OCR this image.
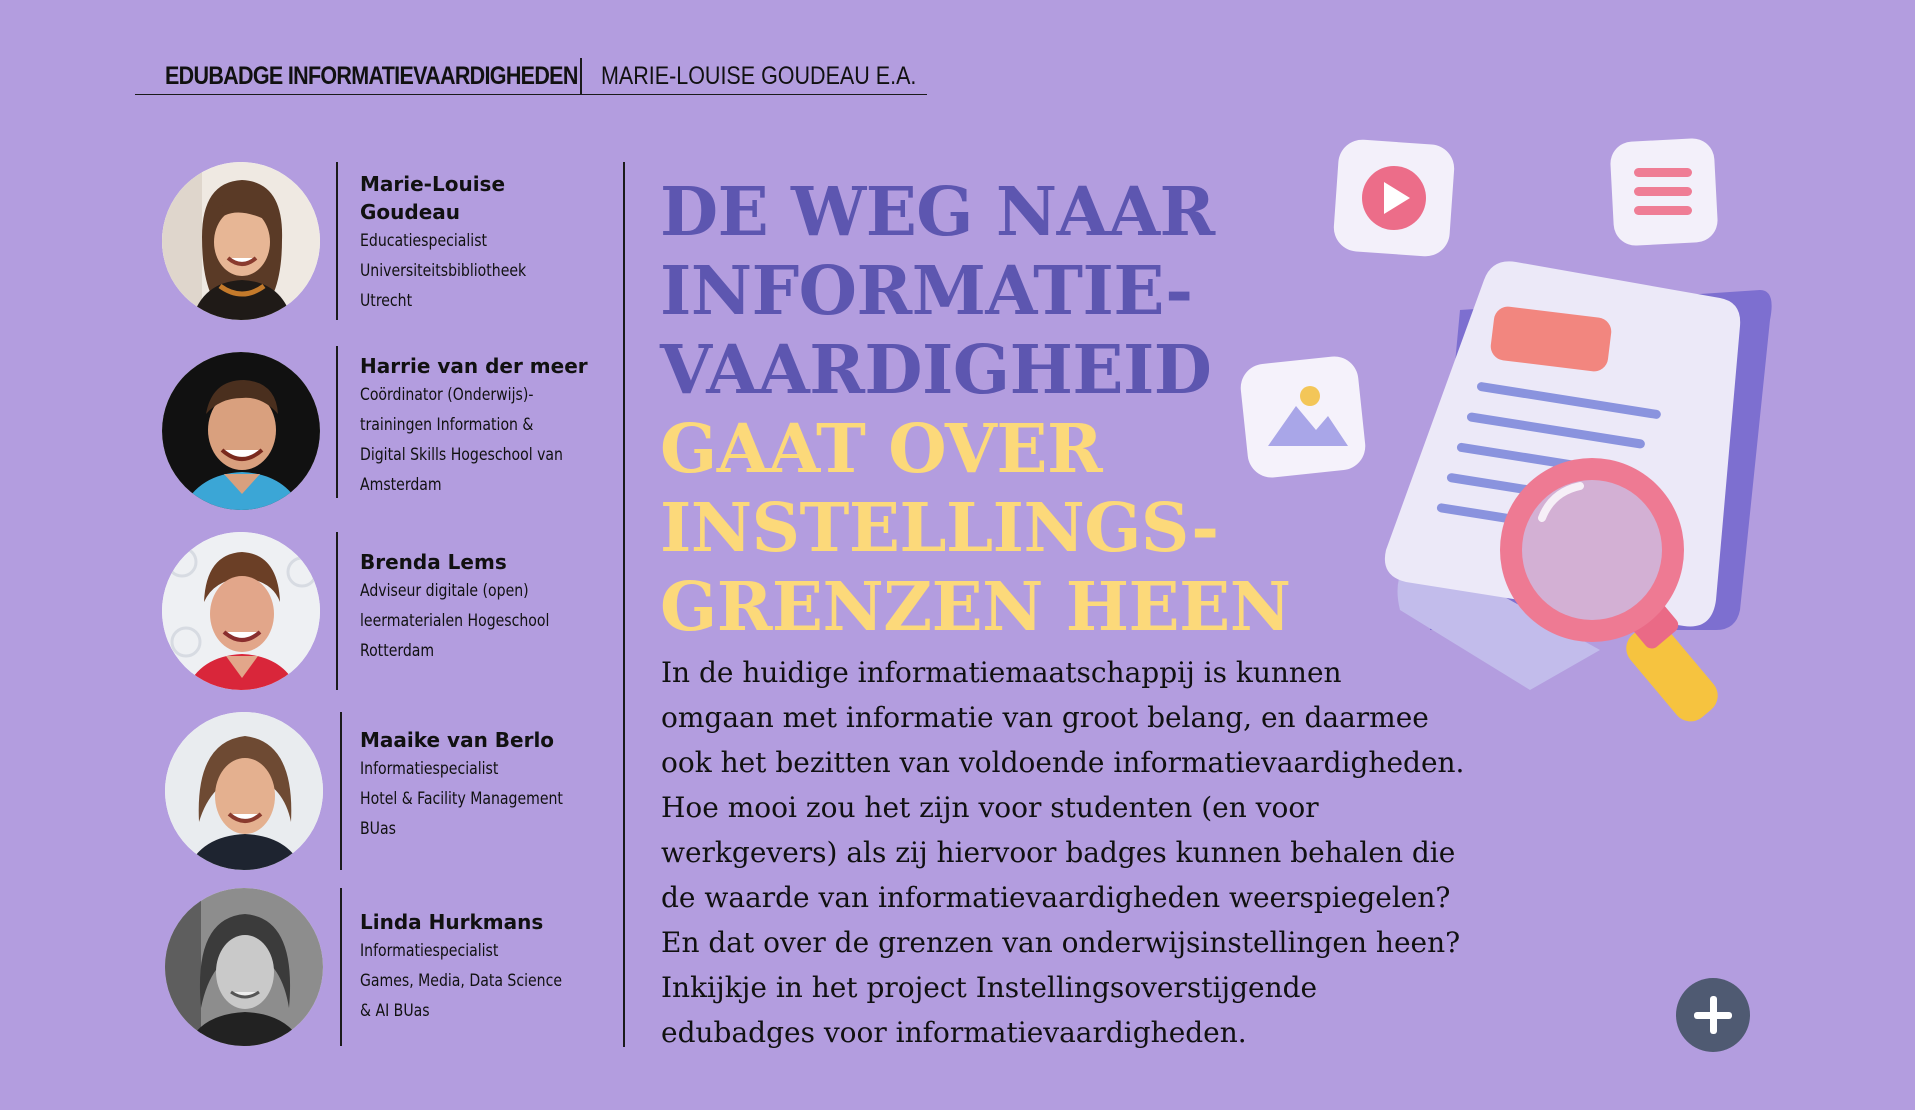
EDUBADGE INFORMATIEVAARDIGHEDEN MARIE-LOUISE GOUDEAU E.A.
Marie-Louise Goudeau
Educatiespecialist
Universiteitsbibliotheek
Utrecht
Harrie van der meer
Coördinator (Onderwijs)-
trainingen Information &
Digital Skills Hogeschool van
Amsterdam
Brenda Lems
Adviseur digitale (open)
leermaterialen Hogeschool
Rotterdam
Maaike van Berlo
Informatiespecialist
Hotel & Facility Management
BUas
Linda Hurkmans
Informatiespecialist
Games, Media, Data Science
& AI BUas
DE WEG NAAR
INFORMATIE-
VAARDIGHEID
GAAT OVER
INSTELLINGS-
GRENZEN HEEN
In de huidige informatiemaatschappij is kunnen
omgaan met informatie van groot belang, en daarmee
ook het bezitten van voldoende informatievaardigheden.
Hoe mooi zou het zijn voor studenten (en voor
werkgevers) als zij hiervoor badges kunnen behalen die
de waarde van informatievaardigheden weerspiegelen?
En dat over de grenzen van onderwijsinstellingen heen?
Inkijkje in het project Instellingsoverstijgende
edubadges voor informatievaardigheden.
